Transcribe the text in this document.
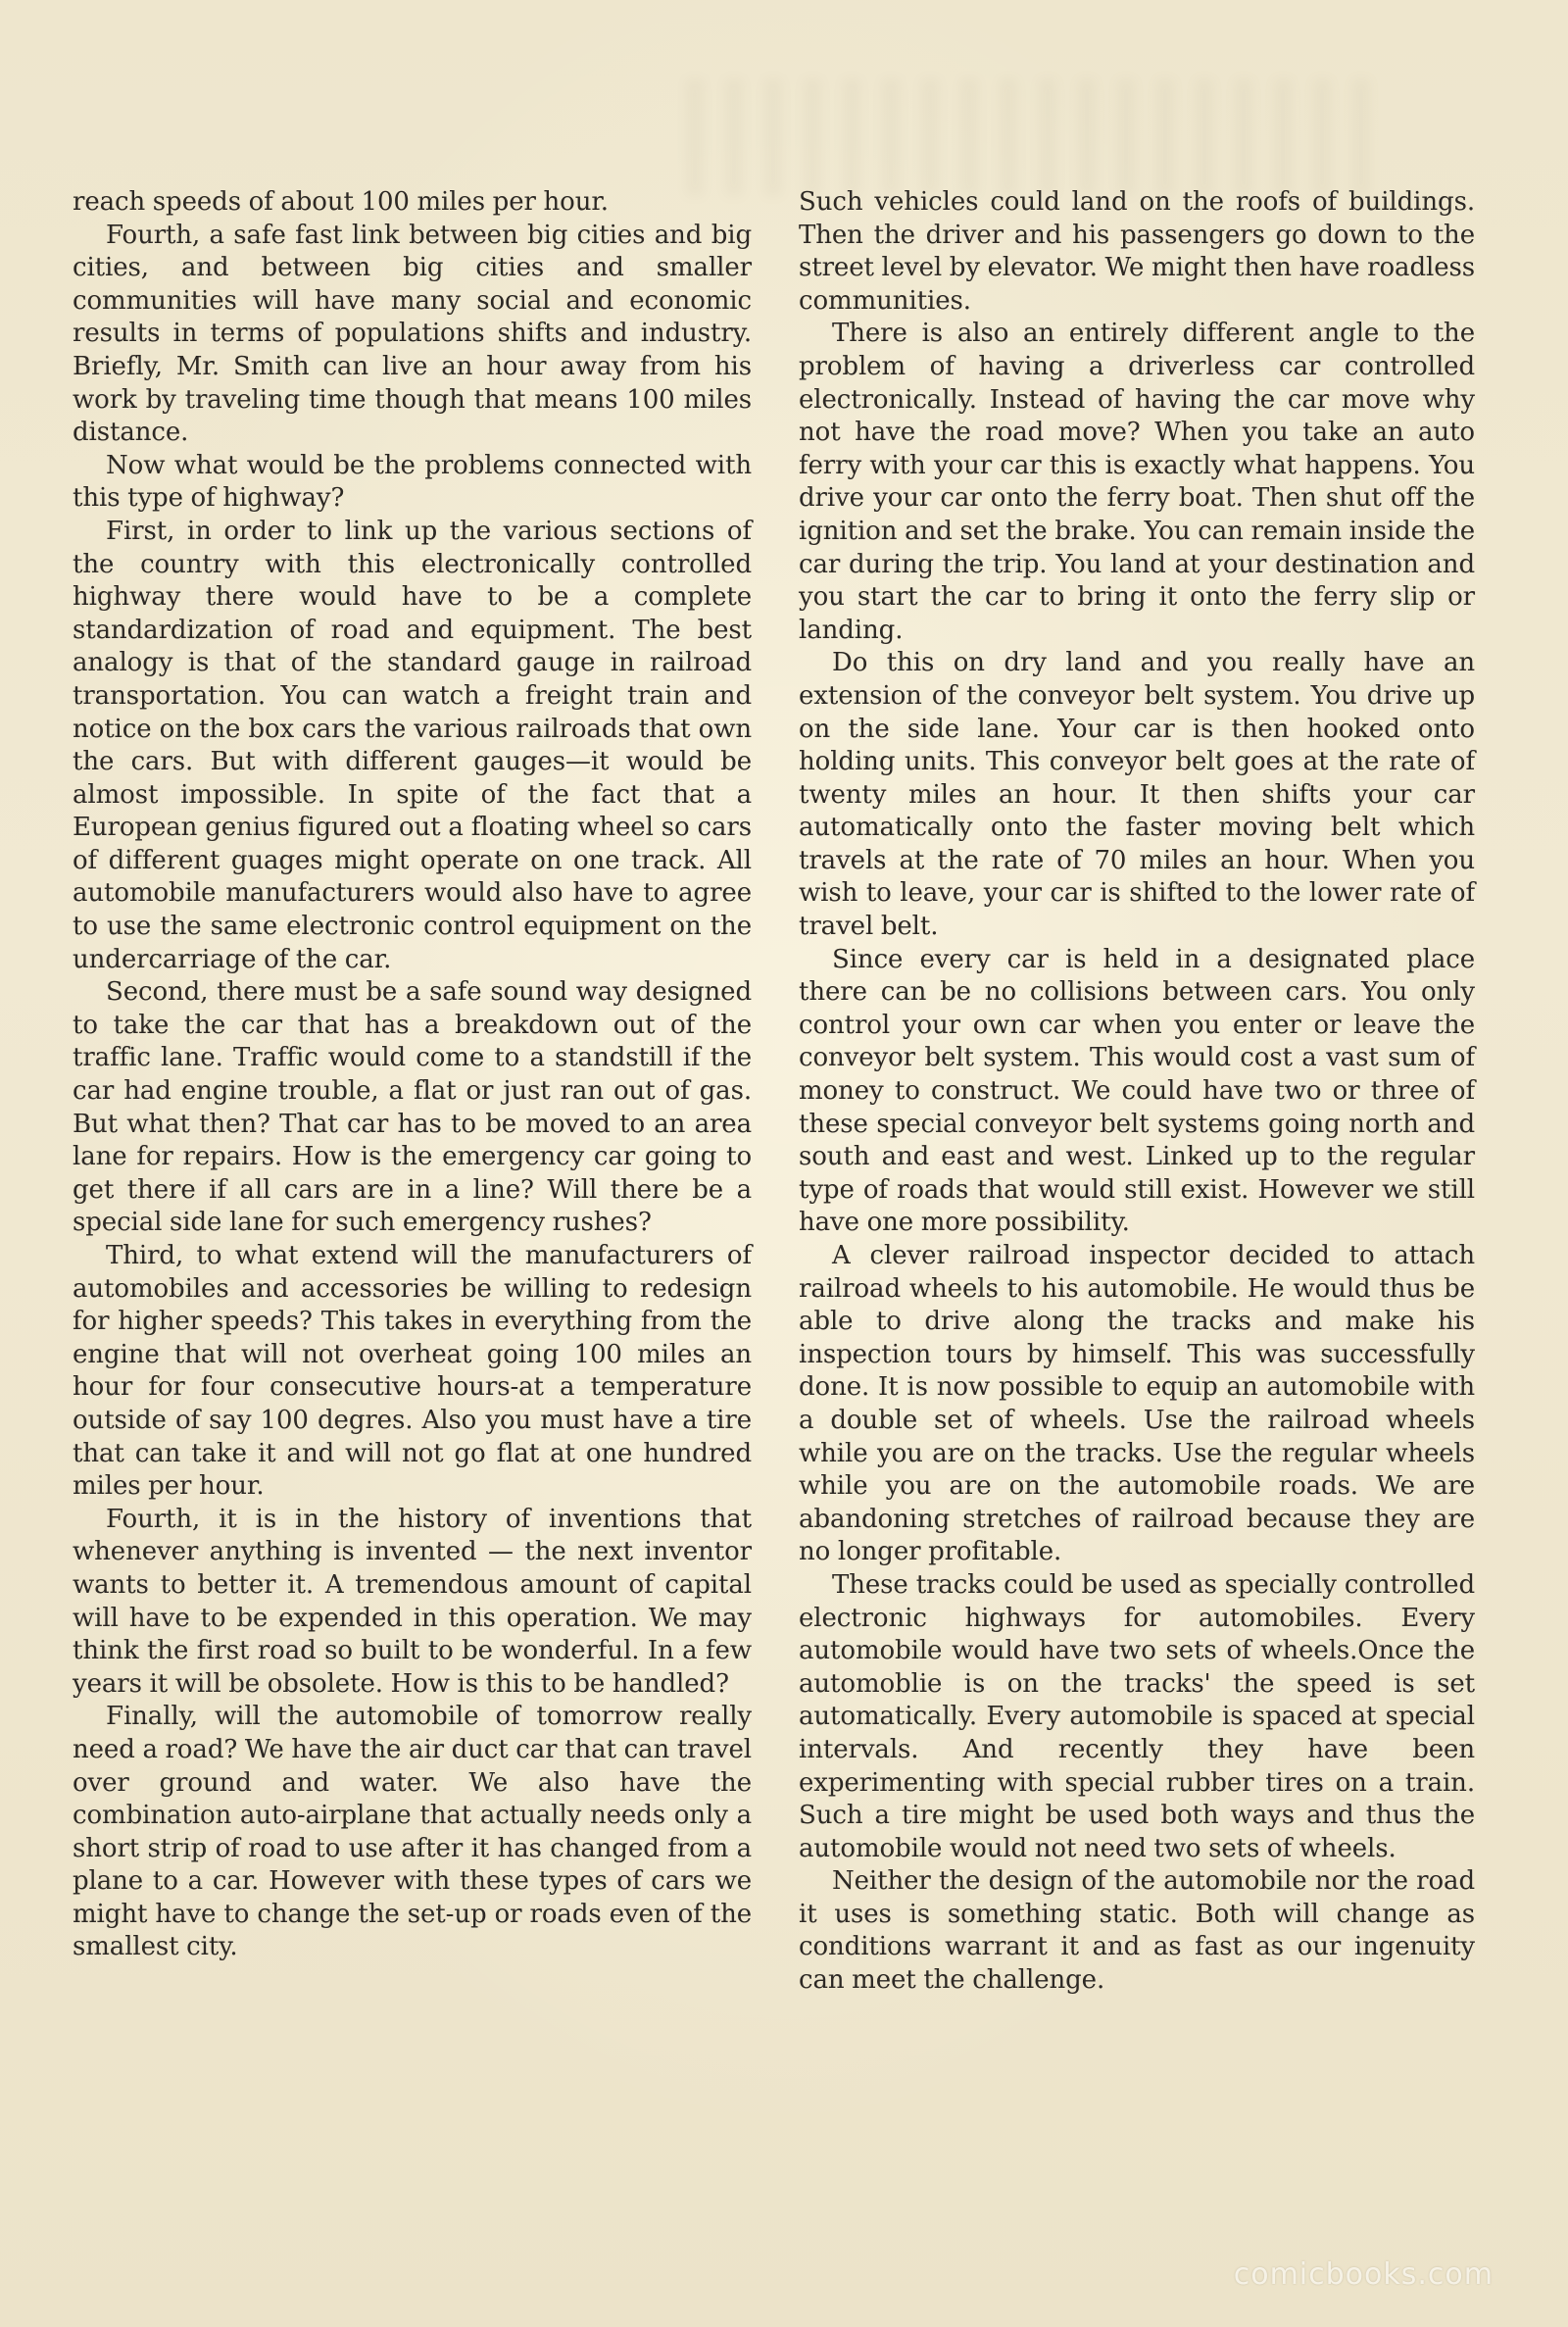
reach speeds of about 100 miles per hour.

Fourth, a safe fast link between big cities and big cities, and between big cities and smaller communities will have many social and economic results in terms of populations shifts and industry. Briefly, Mr. Smith can live an hour away from his work by traveling time though that means 100 miles distance.

Now what would be the problems connected with this type of highway?

First, in order to link up the various sections of the country with this electronically controlled highway there would have to be a complete standardization of road and equipment. The best analogy is that of the standard gauge in railroad transportation. You can watch a freight train and notice on the box cars the various railroads that own the cars. But with different gauges—it would be almost impossible. In spite of the fact that a European genius figured out a floating wheel so cars of different guages might operate on one track. All automobile manufacturers would also have to agree to use the same electronic control equipment on the undercarriage of the car.

Second, there must be a safe sound way designed to take the car that has a breakdown out of the traffic lane. Traffic would come to a standstill if the car had engine trouble, a flat or just ran out of gas. But what then? That car has to be moved to an area lane for repairs. How is the emergency car going to get there if all cars are in a line? Will there be a special side lane for such emergency rushes?

Third, to what extend will the manufacturers of automobiles and accessories be willing to redesign for higher speeds? This takes in everything from the engine that will not overheat going 100 miles an hour for four consecutive hours-at a temperature outside of say 100 degres. Also you must have a tire that can take it and will not go flat at one hundred miles per hour.

Fourth, it is in the history of inventions that whenever anything is invented — the next inventor wants to better it. A tremendous amount of capital will have to be expended in this operation. We may think the first road so built to be wonderful. In a few years it will be obsolete. How is this to be handled?

Finally, will the automobile of tomorrow really need a road? We have the air duct car that can travel over ground and water. We also have the combination auto-airplane that actually needs only a short strip of road to use after it has changed from a plane to a car. However with these types of cars we might have to change the set-up or roads even of the smallest city.

Such vehicles could land on the roofs of buildings. Then the driver and his passengers go down to the street level by elevator. We might then have roadless communities.

There is also an entirely different angle to the problem of having a driverless car controlled electronically. Instead of having the car move why not have the road move? When you take an auto ferry with your car this is exactly what happens. You drive your car onto the ferry boat. Then shut off the ignition and set the brake. You can remain inside the car during the trip. You land at your destination and you start the car to bring it onto the ferry slip or landing.

Do this on dry land and you really have an extension of the conveyor belt system. You drive up on the side lane. Your car is then hooked onto holding units. This conveyor belt goes at the rate of twenty miles an hour. It then shifts your car automatically onto the faster moving belt which travels at the rate of 70 miles an hour. When you wish to leave, your car is shifted to the lower rate of travel belt.

Since every car is held in a designated place there can be no collisions between cars. You only control your own car when you enter or leave the conveyor belt system. This would cost a vast sum of money to construct. We could have two or three of these special conveyor belt systems going north and south and east and west. Linked up to the regular type of roads that would still exist. However we still have one more possibility.

A clever railroad inspector decided to attach railroad wheels to his automobile. He would thus be able to drive along the tracks and make his inspection tours by himself. This was successfully done. It is now possible to equip an automobile with a double set of wheels. Use the railroad wheels while you are on the tracks. Use the regular wheels while you are on the automobile roads. We are abandoning stretches of railroad because they are no longer profitable.

These tracks could be used as specially controlled electronic highways for automobiles. Every automobile would have two sets of wheels.Once the automoblie is on the tracks' the speed is set automatically. Every automobile is spaced at special intervals. And recently they have been experimenting with special rubber tires on a train. Such a tire might be used both ways and thus the automobile would not need two sets of wheels.

Neither the design of the automobile nor the road it uses is something static. Both will change as conditions warrant it and as fast as our ingenuity can meet the challenge.

comicbooks.com
